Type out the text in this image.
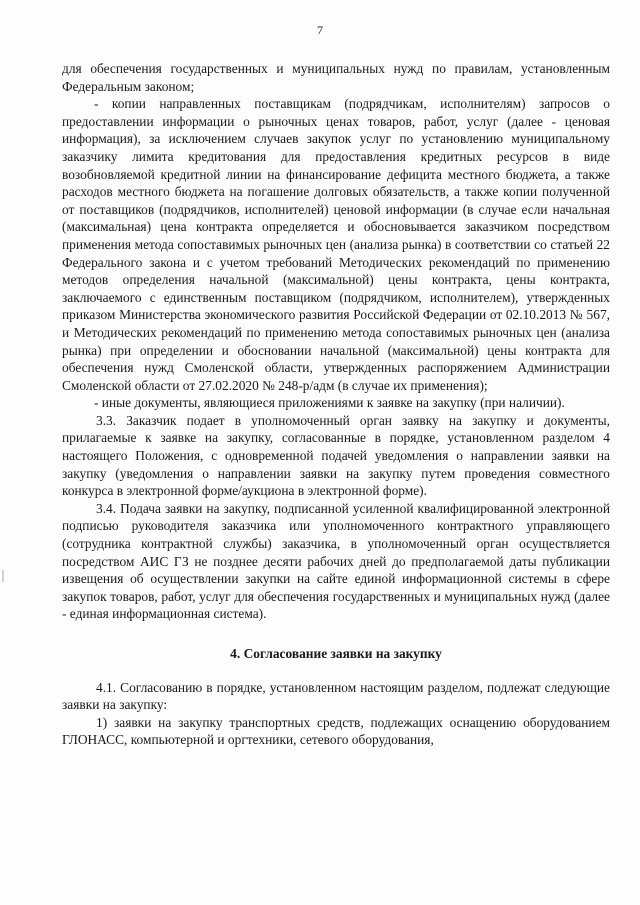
7

для обеспечения государственных и муниципальных нужд по правилам, установленным Федеральным законом;

- копии направленных поставщикам (подрядчикам, исполнителям) запросов о предоставлении информации о рыночных ценах товаров, работ, услуг (далее - ценовая информация), за исключением случаев закупок услуг по установлению муниципальному заказчику лимита кредитования для предоставления кредитных ресурсов в виде возобновляемой кредитной линии на финансирование дефицита местного бюджета, а также расходов местного бюджета на погашение долговых обязательств, а также копии полученной от поставщиков (подрядчиков, исполнителей) ценовой информации (в случае если начальная (максимальная) цена контракта определяется и обосновывается заказчиком посредством применения метода сопоставимых рыночных цен (анализа рынка) в соответствии со статьей 22 Федерального закона и с учетом требований Методических рекомендаций по применению методов определения начальной (максимальной) цены контракта, цены контракта, заключаемого с единственным поставщиком (подрядчиком, исполнителем), утвержденных приказом Министерства экономического развития Российской Федерации от 02.10.2013 № 567, и Методических рекомендаций по применению метода сопоставимых рыночных цен (анализа рынка) при определении и обосновании начальной (максимальной) цены контракта для обеспечения нужд Смоленской области, утвержденных распоряжением Администрации Смоленской области от 27.02.2020 № 248-р/адм (в случае их применения);

- иные документы, являющиеся приложениями к заявке на закупку (при наличии).

3.3. Заказчик подает в уполномоченный орган заявку на закупку и документы, прилагаемые к заявке на закупку, согласованные в порядке, установленном разделом 4 настоящего Положения, с одновременной подачей уведомления о направлении заявки на закупку (уведомления о направлении заявки на закупку путем проведения совместного конкурса в электронной форме/аукциона в электронной форме).

3.4. Подача заявки на закупку, подписанной усиленной квалифицированной электронной подписью руководителя заказчика или уполномоченного контрактного управляющего (сотрудника контрактной службы) заказчика, в уполномоченный орган осуществляется посредством АИС ГЗ не позднее десяти рабочих дней до предполагаемой даты публикации извещения об осуществлении закупки на сайте единой информационной системы в сфере закупок товаров, работ, услуг для обеспечения государственных и муниципальных нужд (далее - единая информационная система).

4. Согласование заявки на закупку

4.1. Согласованию в порядке, установленном настоящим разделом, подлежат следующие заявки на закупку:

1) заявки на закупку транспортных средств, подлежащих оснащению оборудованием ГЛОНАСС, компьютерной и оргтехники, сетевого оборудования,
